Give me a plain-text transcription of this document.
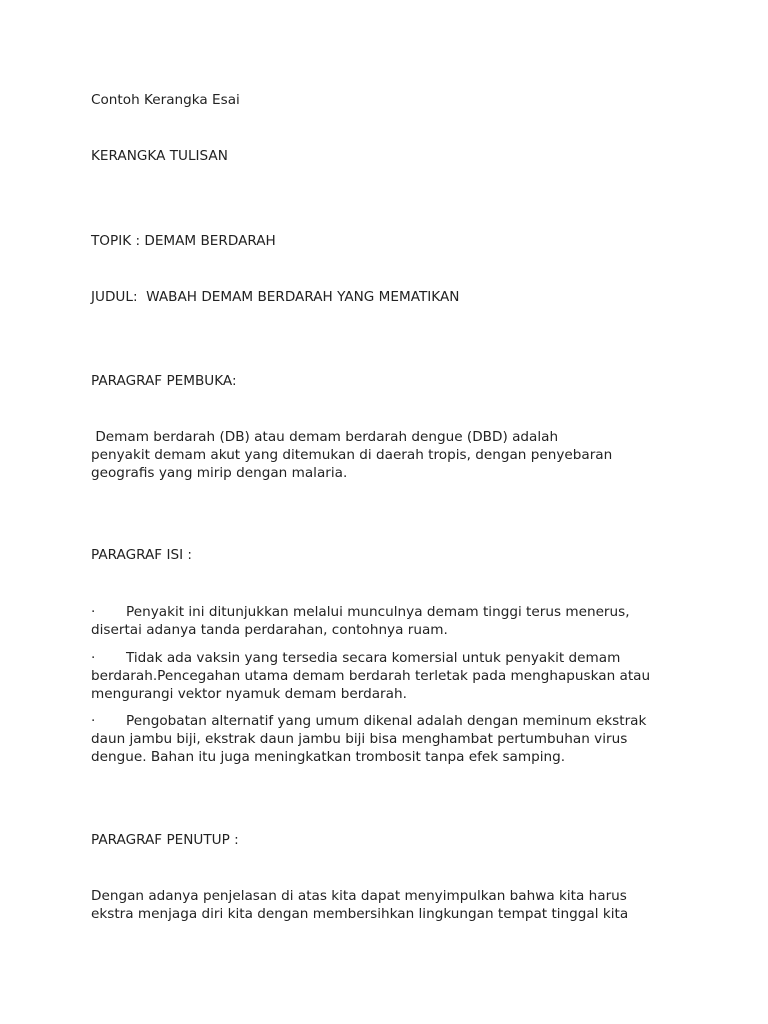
Contoh Kerangka Esai

KERANGKA TULISAN

TOPIK : DEMAM BERDARAH

JUDUL:  WABAH DEMAM BERDARAH YANG MEMATIKAN

PARAGRAF PEMBUKA:

Demam berdarah (DB) atau demam berdarah dengue (DBD) adalah
penyakit demam akut yang ditemukan di daerah tropis, dengan penyebaran
geografis yang mirip dengan malaria.

PARAGRAF ISI :

· Penyakit ini ditunjukkan melalui munculnya demam tinggi terus menerus,
disertai adanya tanda perdarahan, contohnya ruam.
· Tidak ada vaksin yang tersedia secara komersial untuk penyakit demam
berdarah.Pencegahan utama demam berdarah terletak pada menghapuskan atau
mengurangi vektor nyamuk demam berdarah.
· Pengobatan alternatif yang umum dikenal adalah dengan meminum ekstrak
daun jambu biji, ekstrak daun jambu biji bisa menghambat pertumbuhan virus
dengue. Bahan itu juga meningkatkan trombosit tanpa efek samping.

PARAGRAF PENUTUP :

Dengan adanya penjelasan di atas kita dapat menyimpulkan bahwa kita harus
ekstra menjaga diri kita dengan membersihkan lingkungan tempat tinggal kita
